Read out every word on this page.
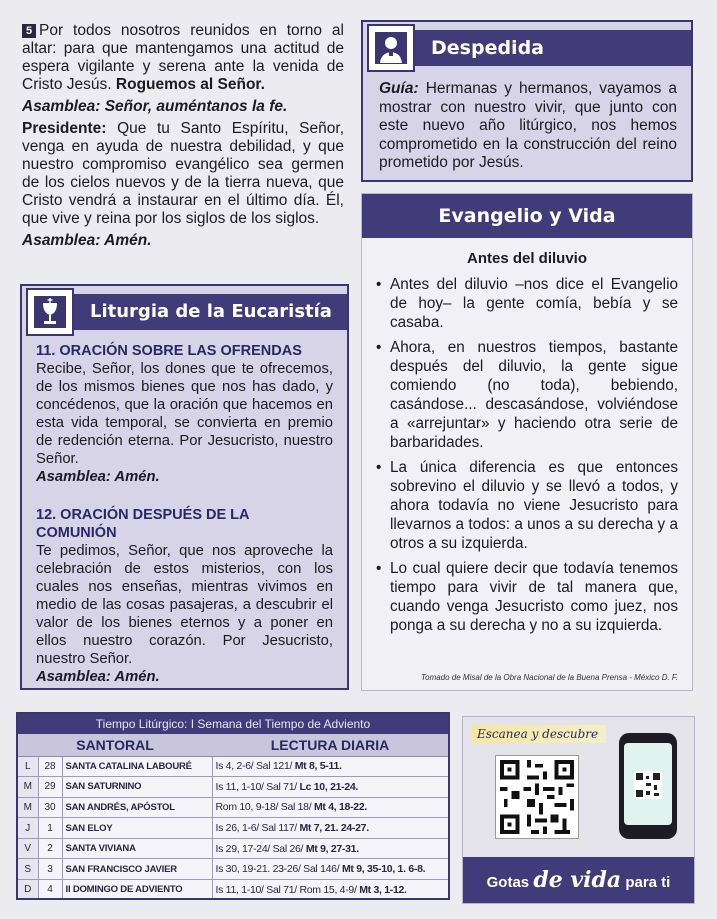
5 Por todos nosotros reunidos en torno al altar: para que mantengamos una actitud de espera vigilante y serena ante la venida de Cristo Jesús. Roguemos al Señor.

Asamblea: Señor, auméntanos la fe.

Presidente: Que tu Santo Espíritu, Señor, venga en ayuda de nuestra debilidad, y que nuestro compromiso evangélico sea germen de los cielos nuevos y de la tierra nueva, que Cristo vendrá a instaurar en el último día. Él, que vive y reina por los siglos de los siglos.

Asamblea: Amén.

Liturgia de la Eucaristía
11. ORACIÓN SOBRE LAS OFRENDAS

Recibe, Señor, los dones que te ofrecemos, de los mismos bienes que nos has dado, y concédenos, que la oración que hacemos en esta vida temporal, se convierta en premio de redención eterna. Por Jesucristo, nuestro Señor.

Asamblea: Amén.

12. ORACIÓN DESPUÉS DE LA COMUNIÓN

Te pedimos, Señor, que nos aproveche la celebración de estos misterios, con los cuales nos enseñas, mientras vivimos en medio de las cosas pasajeras, a descubrir el valor de los bienes eternos y a poner en ellos nuestro corazón. Por Jesucristo, nuestro Señor.

Asamblea: Amén.

Despedida

Guía: Hermanas y hermanos, vayamos a mostrar con nuestro vivir, que junto con este nuevo año litúrgico, nos hemos comprometido en la construcción del reino prometido por Jesús.

Evangelio y Vida
Antes del diluvio
• Antes del diluvio –nos dice el Evangelio de hoy– la gente comía, bebía y se casaba.
• Ahora, en nuestros tiempos, bastante después del diluvio, la gente sigue comiendo (no toda), bebiendo, casándose... descasándose, volviéndose a «arrejuntar» y haciendo otra serie de barbaridades.
• La única diferencia es que entonces sobrevino el diluvio y se llevó a todos, y ahora todavía no viene Jesucristo para llevarnos a todos: a unos a su derecha y a otros a su izquierda.
• Lo cual quiere decir que todavía tenemos tiempo para vivir de tal manera que, cuando venga Jesucristo como juez, nos ponga a su derecha y no a su izquierda.
Tomado de Misal de la Obra Nacional de la Buena Prensa - México D. F.
Tiempo Litúrgico: I Semana del Tiempo de Adviento
SANTORAL			LECTURA DIARIA
L	28	SANTA CATALINA LABOURÉ	Is 4, 2-6/ Sal 121/ Mt 8, 5-11.
M	29	SAN SATURNINO	Is 11, 1-10/ Sal 71/ Lc 10, 21-24.
M	30	SAN ANDRÉS, APÓSTOL	Rom 10, 9-18/ Sal 18/ Mt 4, 18-22.
J	1	SAN ELOY	Is 26, 1-6/ Sal 117/ Mt 7, 21. 24-27.
V	2	SANTA VIVIANA	Is 29, 17-24/ Sal 26/ Mt 9, 27-31.
S	3	SAN FRANCISCO JAVIER	Is 30, 19-21. 23-26/ Sal 146/ Mt 9, 35-10, 1. 6-8.
D	4	II DOMINGO DE ADVIENTO	Is 11, 1-10/ Sal 71/ Rom 15, 4-9/ Mt 3, 1-12.
Escanea y descubre
Gotas de vida para ti
